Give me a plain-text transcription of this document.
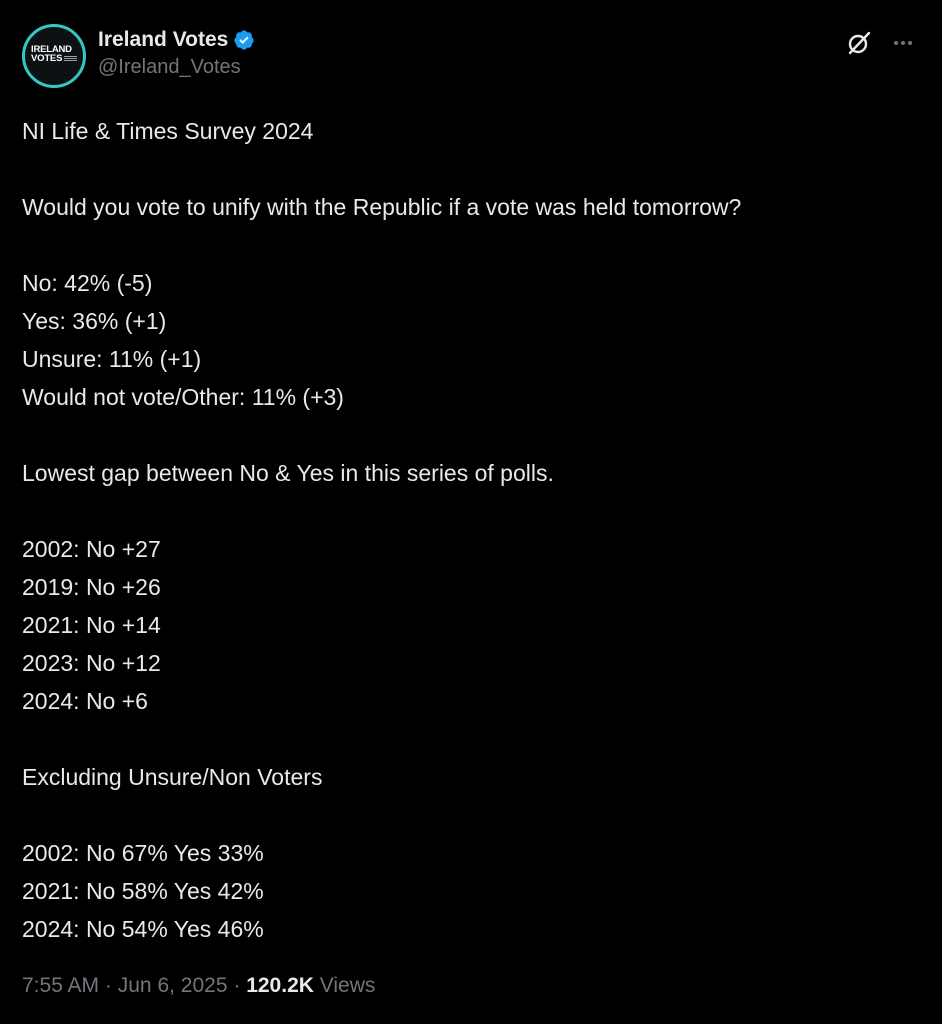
IRELAND
VOTES
Ireland Votes
@Ireland_Votes
NI Life & Times Survey 2024
Would you vote to unify with the Republic if a vote was held tomorrow?
No: 42% (-5)
Yes: 36% (+1)
Unsure: 11% (+1)
Would not vote/Other: 11% (+3)
Lowest gap between No & Yes in this series of polls.
2002: No +27
2019: No +26
2021: No +14
2023: No +12
2024: No +6
Excluding Unsure/Non Voters
2002: No 67% Yes 33%
2021: No 58% Yes 42%
2024: No 54% Yes 46%
7:55 AM · Jun 6, 2025 · 120.2K Views
